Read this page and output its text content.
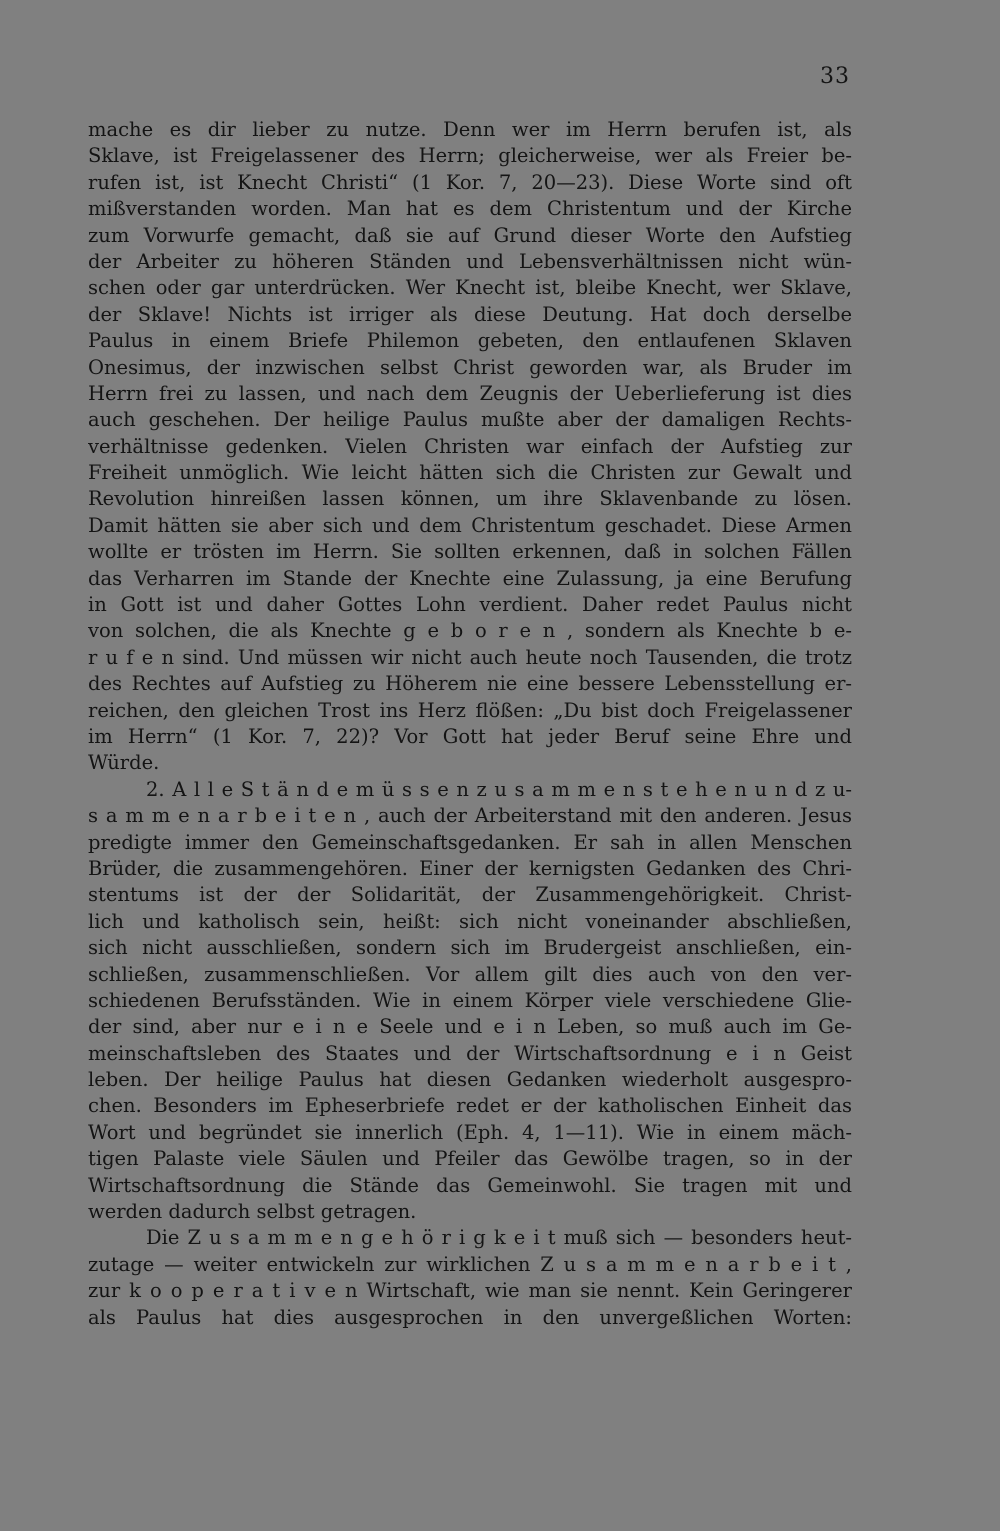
33
mache es dir lieber zu nutze. Denn wer im Herrn berufen ist, als
Sklave, ist Freigelassener des Herrn; gleicherweise, wer als Freier be-
rufen ist, ist Knecht Christi“ (1 Kor. 7, 20—23). Diese Worte sind oft
mißverstanden worden. Man hat es dem Christentum und der Kirche
zum Vorwurfe gemacht, daß sie auf Grund dieser Worte den Aufstieg
der Arbeiter zu höheren Ständen und Lebensverhältnissen nicht wün-
schen oder gar unterdrücken. Wer Knecht ist, bleibe Knecht, wer Sklave,
der Sklave! Nichts ist irriger als diese Deutung. Hat doch derselbe
Paulus in einem Briefe Philemon gebeten, den entlaufenen Sklaven
Onesimus, der inzwischen selbst Christ geworden war, als Bruder im
Herrn frei zu lassen, und nach dem Zeugnis der Ueberlieferung ist dies
auch geschehen. Der heilige Paulus mußte aber der damaligen Rechts-
verhältnisse gedenken. Vielen Christen war einfach der Aufstieg zur
Freiheit unmöglich. Wie leicht hätten sich die Christen zur Gewalt und
Revolution hinreißen lassen können, um ihre Sklavenbande zu lösen.
Damit hätten sie aber sich und dem Christentum geschadet. Diese Armen
wollte er trösten im Herrn. Sie sollten erkennen, daß in solchen Fällen
das Verharren im Stande der Knechte eine Zulassung, ja eine Berufung
in Gott ist und daher Gottes Lohn verdient. Daher redet Paulus nicht
von solchen, die als Knechte g e b o r e n , sondern als Knechte b e-
r u f e n sind. Und müssen wir nicht auch heute noch Tausenden, die trotz
des Rechtes auf Aufstieg zu Höherem nie eine bessere Lebensstellung er-
reichen, den gleichen Trost ins Herz flößen: „Du bist doch Freigelassener
im Herrn“ (1 Kor. 7, 22)? Vor Gott hat jeder Beruf seine Ehre und
Würde.
2. A l l e S t ä n d e m ü s s e n z u s a m m e n s t e h e n u n d z u-
s a m m e n a r b e i t e n , auch der Arbeiterstand mit den anderen. Jesus
predigte immer den Gemeinschaftsgedanken. Er sah in allen Menschen
Brüder, die zusammengehören. Einer der kernigsten Gedanken des Chri-
stentums ist der der Solidarität, der Zusammengehörigkeit. Christ-
lich und katholisch sein, heißt: sich nicht voneinander abschließen,
sich nicht ausschließen, sondern sich im Brudergeist anschließen, ein-
schließen, zusammenschließen. Vor allem gilt dies auch von den ver-
schiedenen Berufsständen. Wie in einem Körper viele verschiedene Glie-
der sind, aber nur e i n e Seele und e i n Leben, so muß auch im Ge-
meinschaftsleben des Staates und der Wirtschaftsordnung e i n Geist
leben. Der heilige Paulus hat diesen Gedanken wiederholt ausgespro-
chen. Besonders im Epheserbriefe redet er der katholischen Einheit das
Wort und begründet sie innerlich (Eph. 4, 1—11). Wie in einem mäch-
tigen Palaste viele Säulen und Pfeiler das Gewölbe tragen, so in der
Wirtschaftsordnung die Stände das Gemeinwohl. Sie tragen mit und
werden dadurch selbst getragen.
Die Z u s a m m e n g e h ö r i g k e i t muß sich — besonders heut-
zutage — weiter entwickeln zur wirklichen Z u s a m m e n a r b e i t ,
zur k o o p e r a t i v e n Wirtschaft, wie man sie nennt. Kein Geringerer
als Paulus hat dies ausgesprochen in den unvergeßlichen Worten:
